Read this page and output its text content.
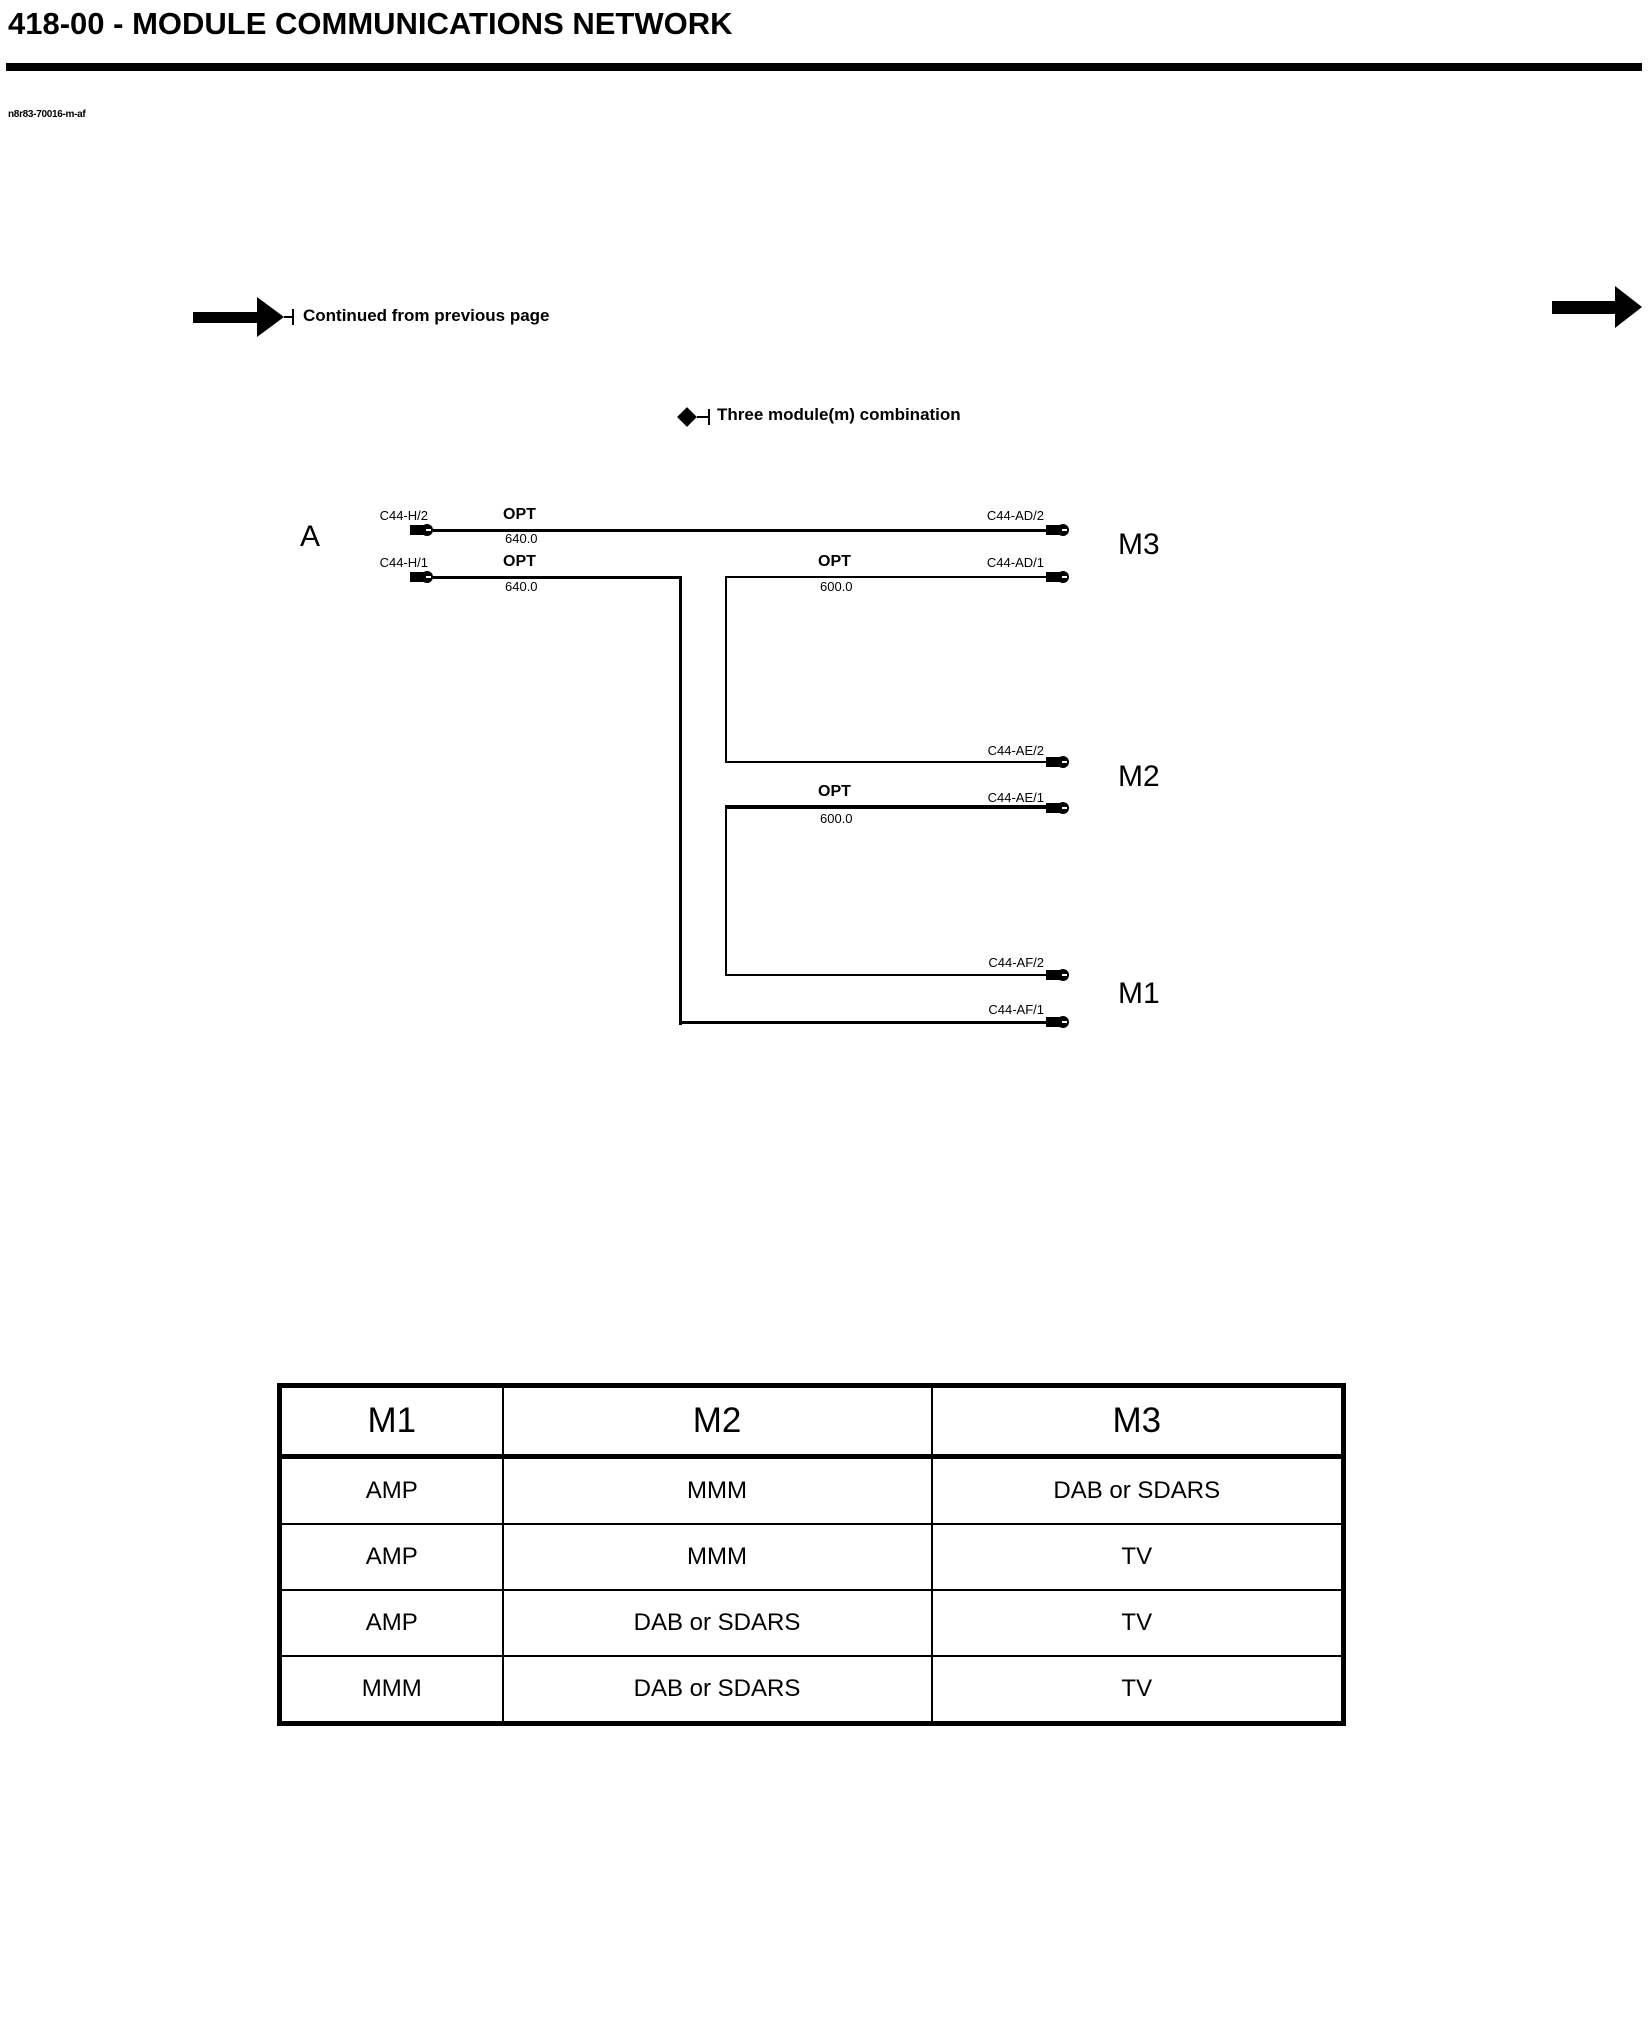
418-00 - MODULE COMMUNICATIONS NETWORK
n8r83-70016-m-af
Continued from previous page
Three module(m) combination
A
C44-H/2
C44-H/1
C44-AD/2
C44-AD/1
C44-AE/2
C44-AE/1
C44-AF/2
C44-AF/1
OPT
640.0
OPT
640.0
OPT
600.0
OPT
600.0
M3
M2
M1
M1	M2	M3
AMP	MMM	DAB or SDARS
AMP	MMM	TV
AMP	DAB or SDARS	TV
MMM	DAB or SDARS	TV
